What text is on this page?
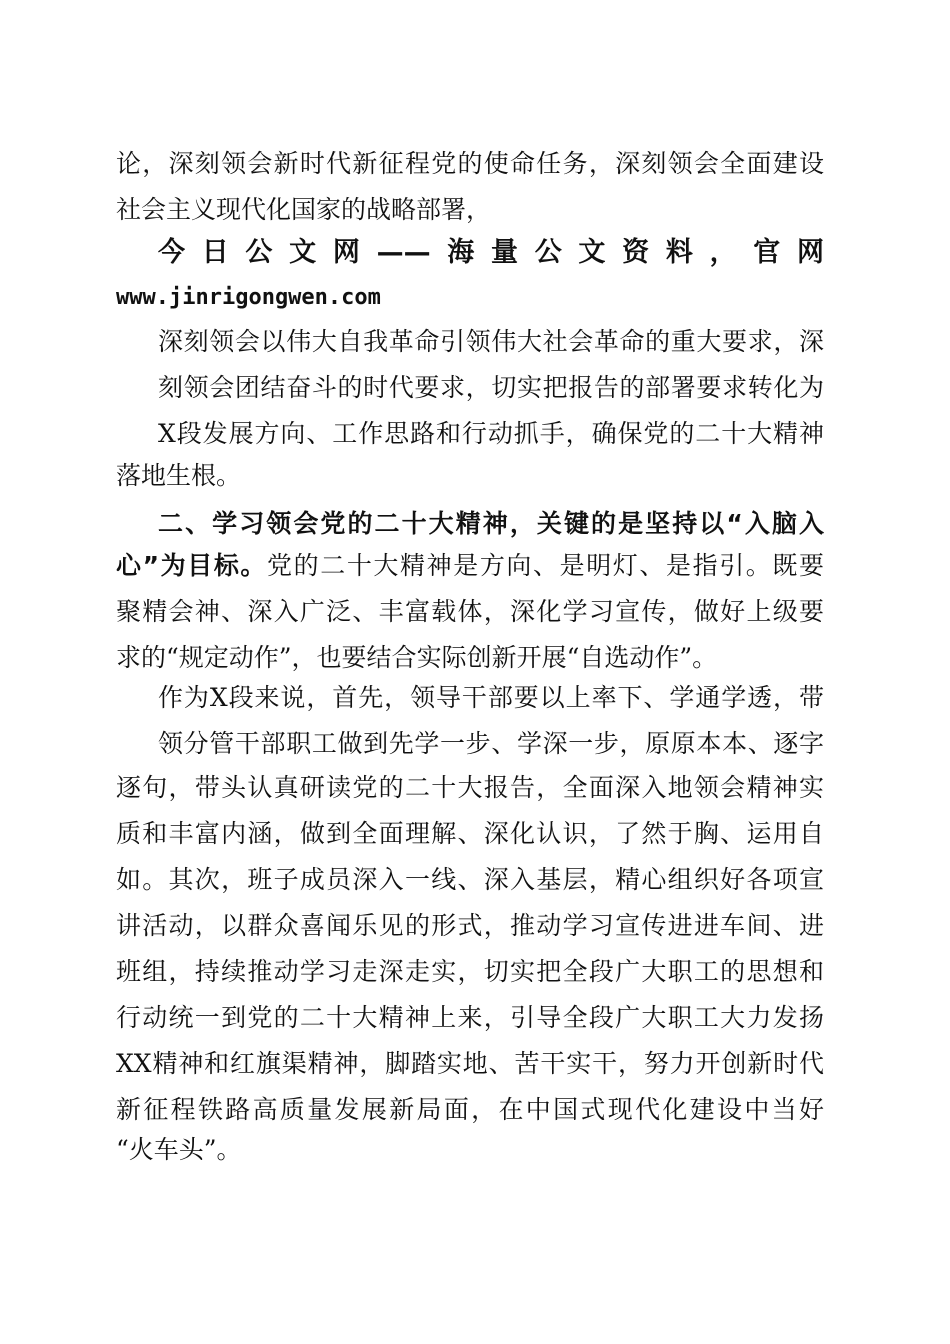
论，深刻领会新时代新征程党的使命任务，深刻领会全面建设
社会主义现代化国家的战略部署，
今日公文网——海量公文资料，官网
www.jinrigongwen.com
深刻领会以伟大自我革命引领伟大社会革命的重大要求，深
刻领会团结奋斗的时代要求，切实把报告的部署要求转化为
X段发展方向、工作思路和行动抓手，确保党的二十大精神
落地生根。
二、学习领会党的二十大精神，关键的是坚持以“入脑入
心”为目标。党的二十大精神是方向、是明灯、是指引。既要
聚精会神、深入广泛、丰富载体，深化学习宣传，做好上级要
求的“规定动作”，也要结合实际创新开展“自选动作”。
作为X段来说，首先，领导干部要以上率下、学通学透，带
领分管干部职工做到先学一步、学深一步，原原本本、逐字
逐句，带头认真研读党的二十大报告，全面深入地领会精神实
质和丰富内涵，做到全面理解、深化认识，了然于胸、运用自
如。其次，班子成员深入一线、深入基层，精心组织好各项宣
讲活动，以群众喜闻乐见的形式，推动学习宣传进进车间、进
班组，持续推动学习走深走实，切实把全段广大职工的思想和
行动统一到党的二十大精神上来，引导全段广大职工大力发扬
XX精神和红旗渠精神，脚踏实地、苦干实干，努力开创新时代
新征程铁路高质量发展新局面，在中国式现代化建设中当好
“火车头”。
